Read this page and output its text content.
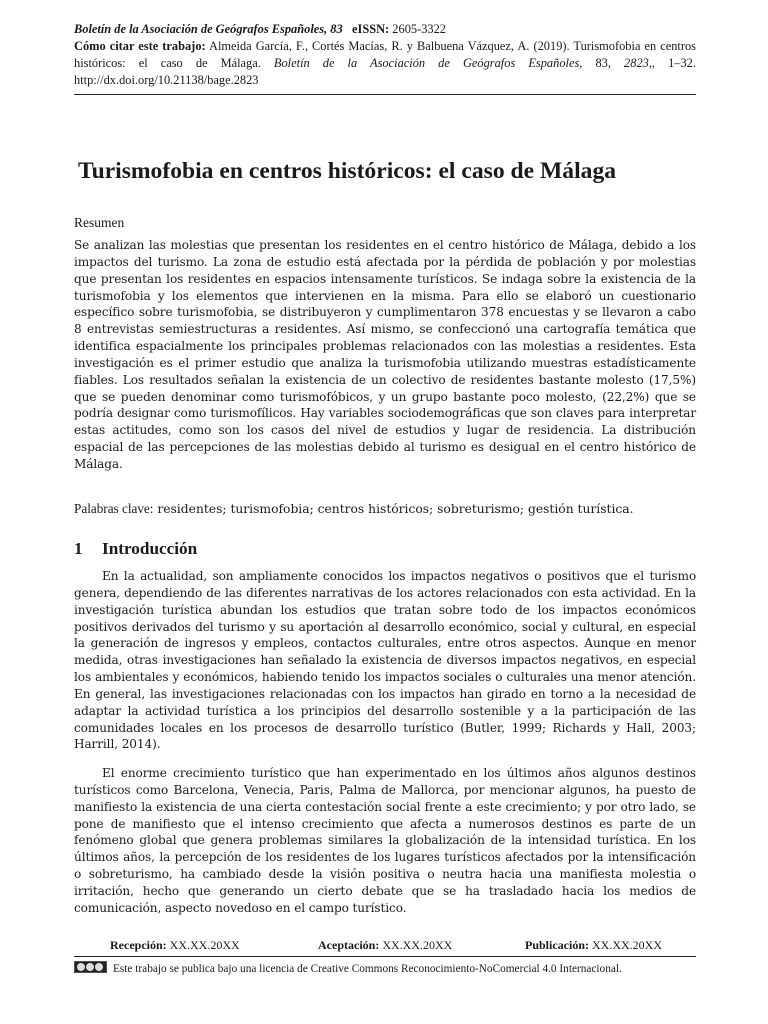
Boletín de la Asociación de Geógrafos Españoles, 83 eISSN: 2605-3322
Cómo citar este trabajo: Almeida García, F., Cortés Macías, R. y Balbuena Vázquez, A. (2019). Turismofobia en centros históricos: el caso de Málaga. Boletín de la Asociación de Geógrafos Españoles, 83, 2823,, 1–32. http://dx.doi.org/10.21138/bage.2823
Turismofobia en centros históricos: el caso de Málaga
Resumen

Se analizan las molestias que presentan los residentes en el centro histórico de Málaga, debido a los impactos del turismo. La zona de estudio está afectada por la pérdida de población y por molestias que presentan los residentes en espacios intensamente turísticos. Se indaga sobre la existencia de la turismofobia y los elementos que intervienen en la misma. Para ello se elaboró un cuestionario específico sobre turismofobia, se distribuyeron y cumplimentaron 378 encuestas y se llevaron a cabo 8 entrevistas semiestructuras a residentes. Así mismo, se confeccionó una cartografía temática que identifica espacialmente los principales problemas relacionados con las molestias a residentes. Esta investigación es el primer estudio que analiza la turismofobia utilizando muestras estadísticamente fiables. Los resultados señalan la existencia de un colectivo de residentes bastante molesto (17,5%) que se pueden denominar como turismofóbicos, y un grupo bastante poco molesto, (22,2%) que se podría designar como turismofílicos. Hay variables sociodemográficas que son claves para interpretar estas actitudes, como son los casos del nivel de estudios y lugar de residencia. La distribución espacial de las percepciones de las molestias debido al turismo es desigual en el centro histórico de Málaga.

Palabras clave: residentes; turismofobia; centros históricos; sobreturismo; gestión turística.

1 Introducción

En la actualidad, son ampliamente conocidos los impactos negativos o positivos que el turismo genera, dependiendo de las diferentes narrativas de los actores relacionados con esta actividad. En la investigación turística abundan los estudios que tratan sobre todo de los impactos económicos positivos derivados del turismo y su aportación al desarrollo económico, social y cultural, en especial la generación de ingresos y empleos, contactos culturales, entre otros aspectos. Aunque en menor medida, otras investigaciones han señalado la existencia de diversos impactos negativos, en especial los ambientales y económicos, habiendo tenido los impactos sociales o culturales una menor atención. En general, las investigaciones relacionadas con los impactos han girado en torno a la necesidad de adaptar la actividad turística a los principios del desarrollo sostenible y a la participación de las comunidades locales en los procesos de desarrollo turístico (Butler, 1999; Richards y Hall, 2003; Harrill, 2014).

El enorme crecimiento turístico que han experimentado en los últimos años algunos destinos turísticos como Barcelona, Venecia, Paris, Palma de Mallorca, por mencionar algunos, ha puesto de manifiesto la existencia de una cierta contestación social frente a este crecimiento; y por otro lado, se pone de manifiesto que el intenso crecimiento que afecta a numerosos destinos es parte de un fenómeno global que genera problemas similares la globalización de la intensidad turística. En los últimos años, la percepción de los residentes de los lugares turísticos afectados por la intensificación o sobreturismo, ha cambiado desde la visión positiva o neutra hacia una manifiesta molestia o irritación, hecho que generando un cierto debate que se ha trasladado hacia los medios de comunicación, aspecto novedoso en el campo turístico.

Recepción: XX.XX.20XX	Aceptación: XX.XX.20XX	Publicación: XX.XX.20XX

Este trabajo se publica bajo una licencia de Creative Commons Reconocimiento-NoComercial 4.0 Internacional.
